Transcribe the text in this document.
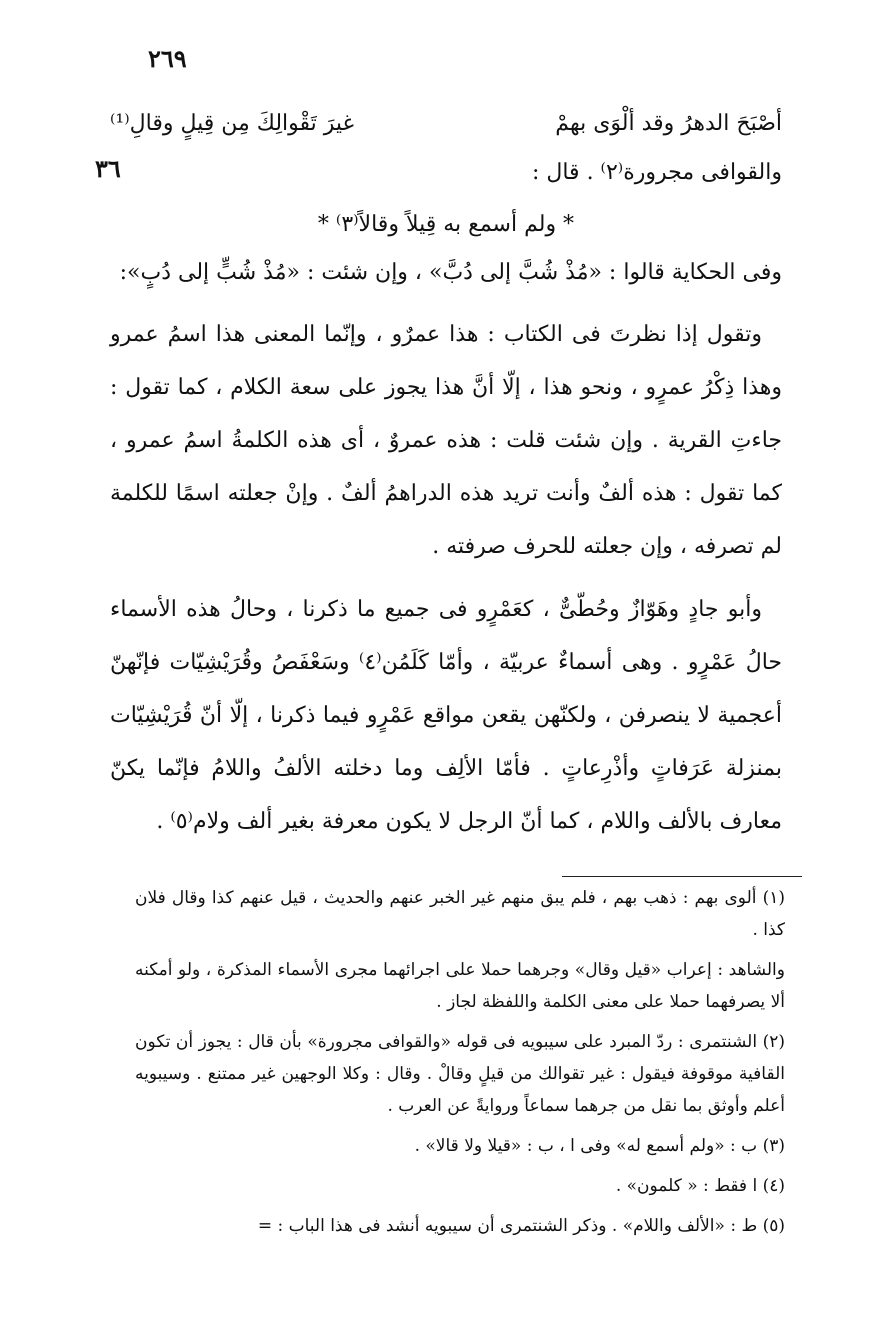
٢٦٩
٣٦
أصْبَحَ الدهرُ وقد ألْوَى بهمْ
غيرَ تَقْوالِكَ مِن قِيلٍ وقالِ⁽¹⁾
والقوافى مجرورة⁽٢⁾ . قال :
* ولم أسمع به قِيلاً وقالاً⁽٣⁾ *
وفى الحكاية قالوا : «مُذْ شُبَّ إلى دُبَّ» ، وإن شئت : «مُذْ شُبٍّ إلى دُبٍ»:
وتقول إذا نظرتَ فى الكتاب : هذا عمرٌو ، وإنّما المعنى هذا اسمُ عمرو وهذا ذِكْرُ عمرٍو ، ونحو هذا ، إلّا أنَّ هذا يجوز على سعة الكلام ، كما تقول : جاءتِ القرية . وإن شئت قلت : هذه عمروٌ ، أى هذه الكلمةُ اسمُ عمرو ، كما تقول : هذه ألفٌ وأنت تريد هذه الدراهمُ ألفٌ . وإنْ جعلته اسمًا للكلمة لم تصرفه ، وإن جعلته للحرف صرفته .
وأبو جادٍ وهَوّازٌ وحُطّىٌّ ، كعَمْرٍو فى جميع ما ذكرنا ، وحالُ هذه الأسماء حالُ عَمْرٍو . وهى أسماءٌ عربيّة ، وأمّا كَلَمُن⁽٤⁾ وسَعْفَصُ وقُرَيْشِيّات فإنّهنّ أعجمية لا ينصرفن ، ولكنّهن يقعن مواقع عَمْرٍو فيما ذكرنا ، إلّا أنّ قُرَيْشِيّات بمنزلة عَرَفاتٍ وأذْرِعاتٍ . فأمّا الألِف وما دخلته الألفُ واللامُ فإنّما يكنّ معارف بالألف واللام ، كما أنّ الرجل لا يكون معرفة بغير ألف ولام⁽٥⁾ .
(١) ألوى بهم : ذهب بهم ، فلم يبق منهم غير الخبر عنهم والحديث ، قيل عنهم كذا وقال فلان كذا .
والشاهد : إعراب «قيل وقال» وجرهما حملا على اجرائهما مجرى الأسماء المذكرة ، ولو أمكنه ألا يصرفهما حملا على معنى الكلمة واللفظة لجاز .
(٢) الشنتمرى : ردّ المبرد على سيبويه فى قوله «والقوافى مجرورة» بأن قال : يجوز أن تكون القافية موقوفة فيقول : غير تقوالك من قيلٍ وقالْ . وقال : وكلا الوجهين غير ممتنع . وسيبويه أعلم وأوثق بما نقل من جرهما سماعاً وروايةً عن العرب .
(٣) ب : «ولم أسمع له» وفى ا ، ب : «قيلا ولا قالا» .
(٤) ا فقط : « كلمون» .
(٥) ط : «الألف واللام» . وذكر الشنتمرى أن سيبويه أنشد فى هذا الباب : =
